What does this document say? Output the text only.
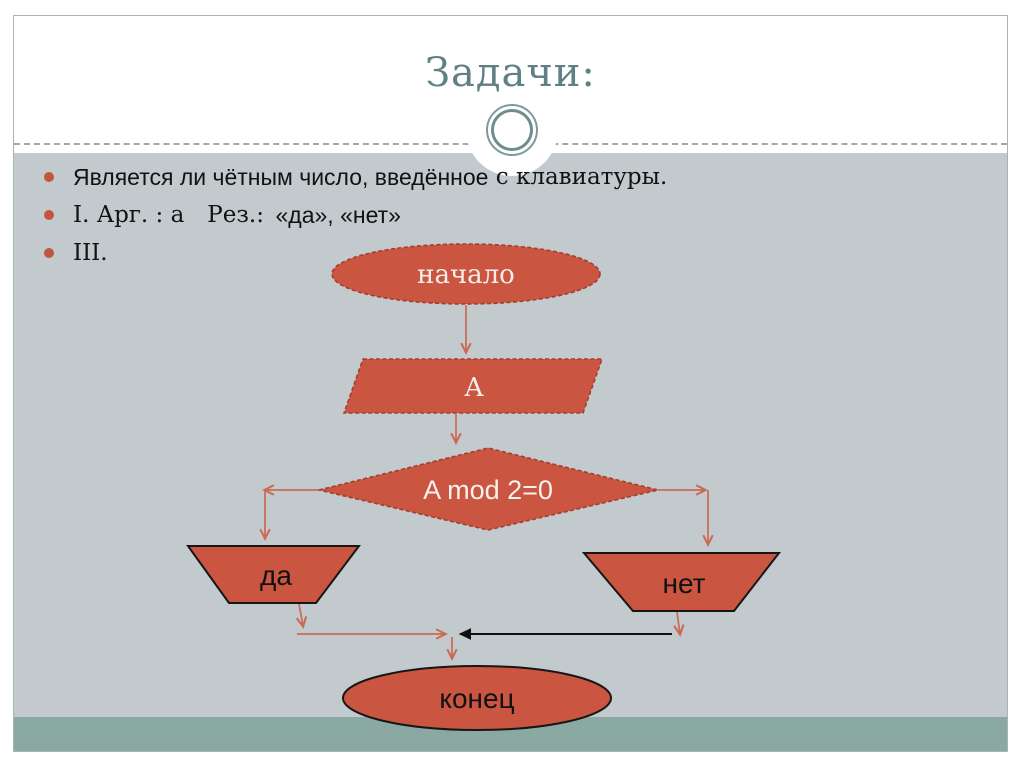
Задачи:
Является ли чётным число, введённое с клавиатуры.
I. Арг. : a Рез.:  «да», «нет»
III.
начало
А
A mod 2=0
да	нет
конец
